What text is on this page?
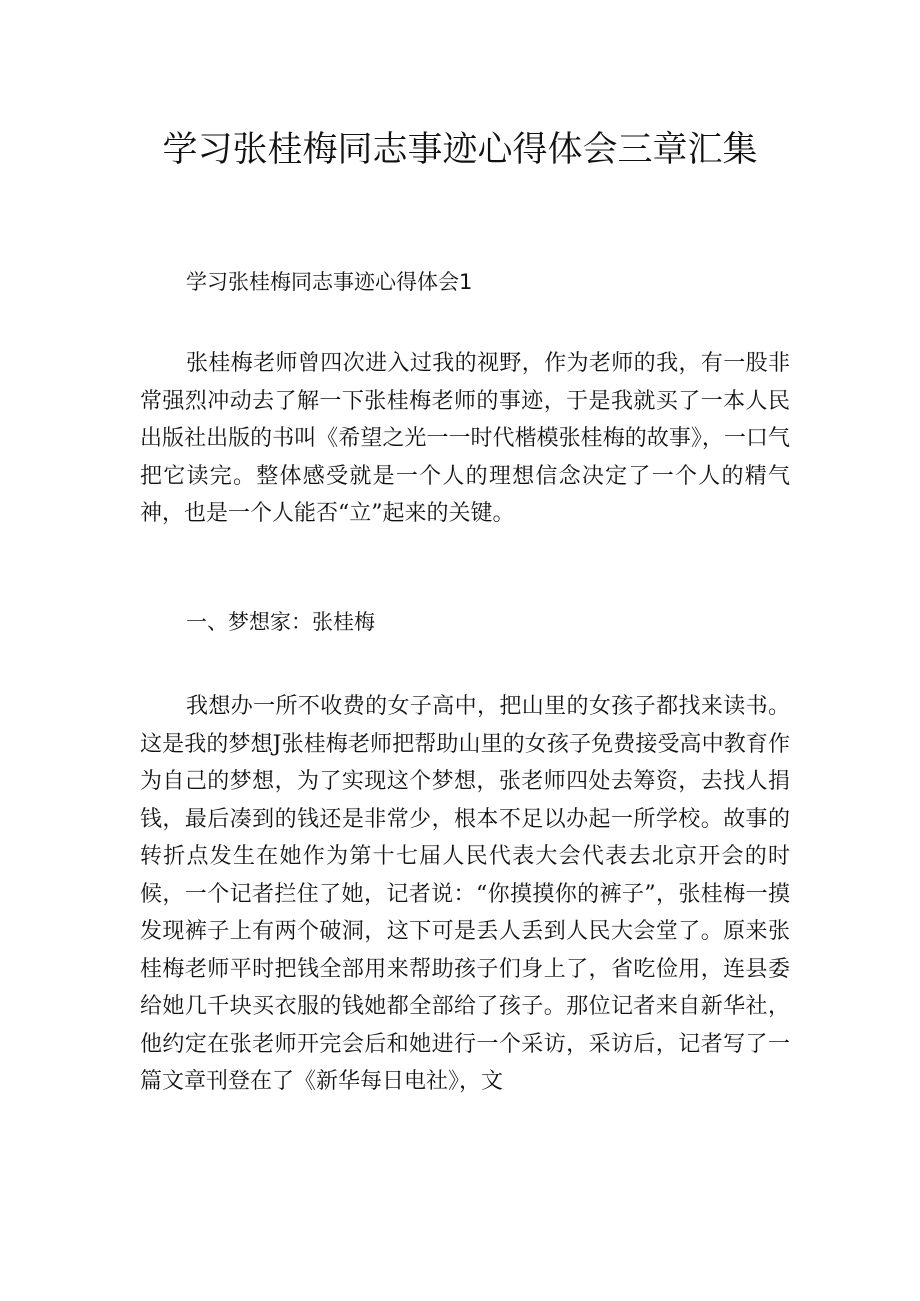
学习张桂梅同志事迹心得体会三章汇集

学习张桂梅同志事迹心得体会1

张桂梅老师曾四次进入过我的视野，作为老师的我，有一股非常强烈冲动去了解一下张桂梅老师的事迹，于是我就买了一本人民出版社出版的书叫《希望之光一一时代楷模张桂梅的故事》，一口气把它读完。整体感受就是一个人的理想信念决定了一个人的精气神，也是一个人能否“立”起来的关键。

一、梦想家：张桂梅

我想办一所不收费的女子高中，把山里的女孩子都找来读书。这是我的梦想J张桂梅老师把帮助山里的女孩子免费接受高中教育作为自己的梦想，为了实现这个梦想，张老师四处去筹资，去找人捐钱，最后凑到的钱还是非常少，根本不足以办起一所学校。故事的转折点发生在她作为第十七届人民代表大会代表去北京开会的时候，一个记者拦住了她，记者说：“你摸摸你的裤子”，张桂梅一摸发现裤子上有两个破洞，这下可是丢人丢到人民大会堂了。原来张桂梅老师平时把钱全部用来帮助孩子们身上了，省吃俭用，连县委给她几千块买衣服的钱她都全部给了孩子。那位记者来自新华社，他约定在张老师开完会后和她进行一个采访，采访后，记者写了一篇文章刊登在了《新华每日电社》，文
